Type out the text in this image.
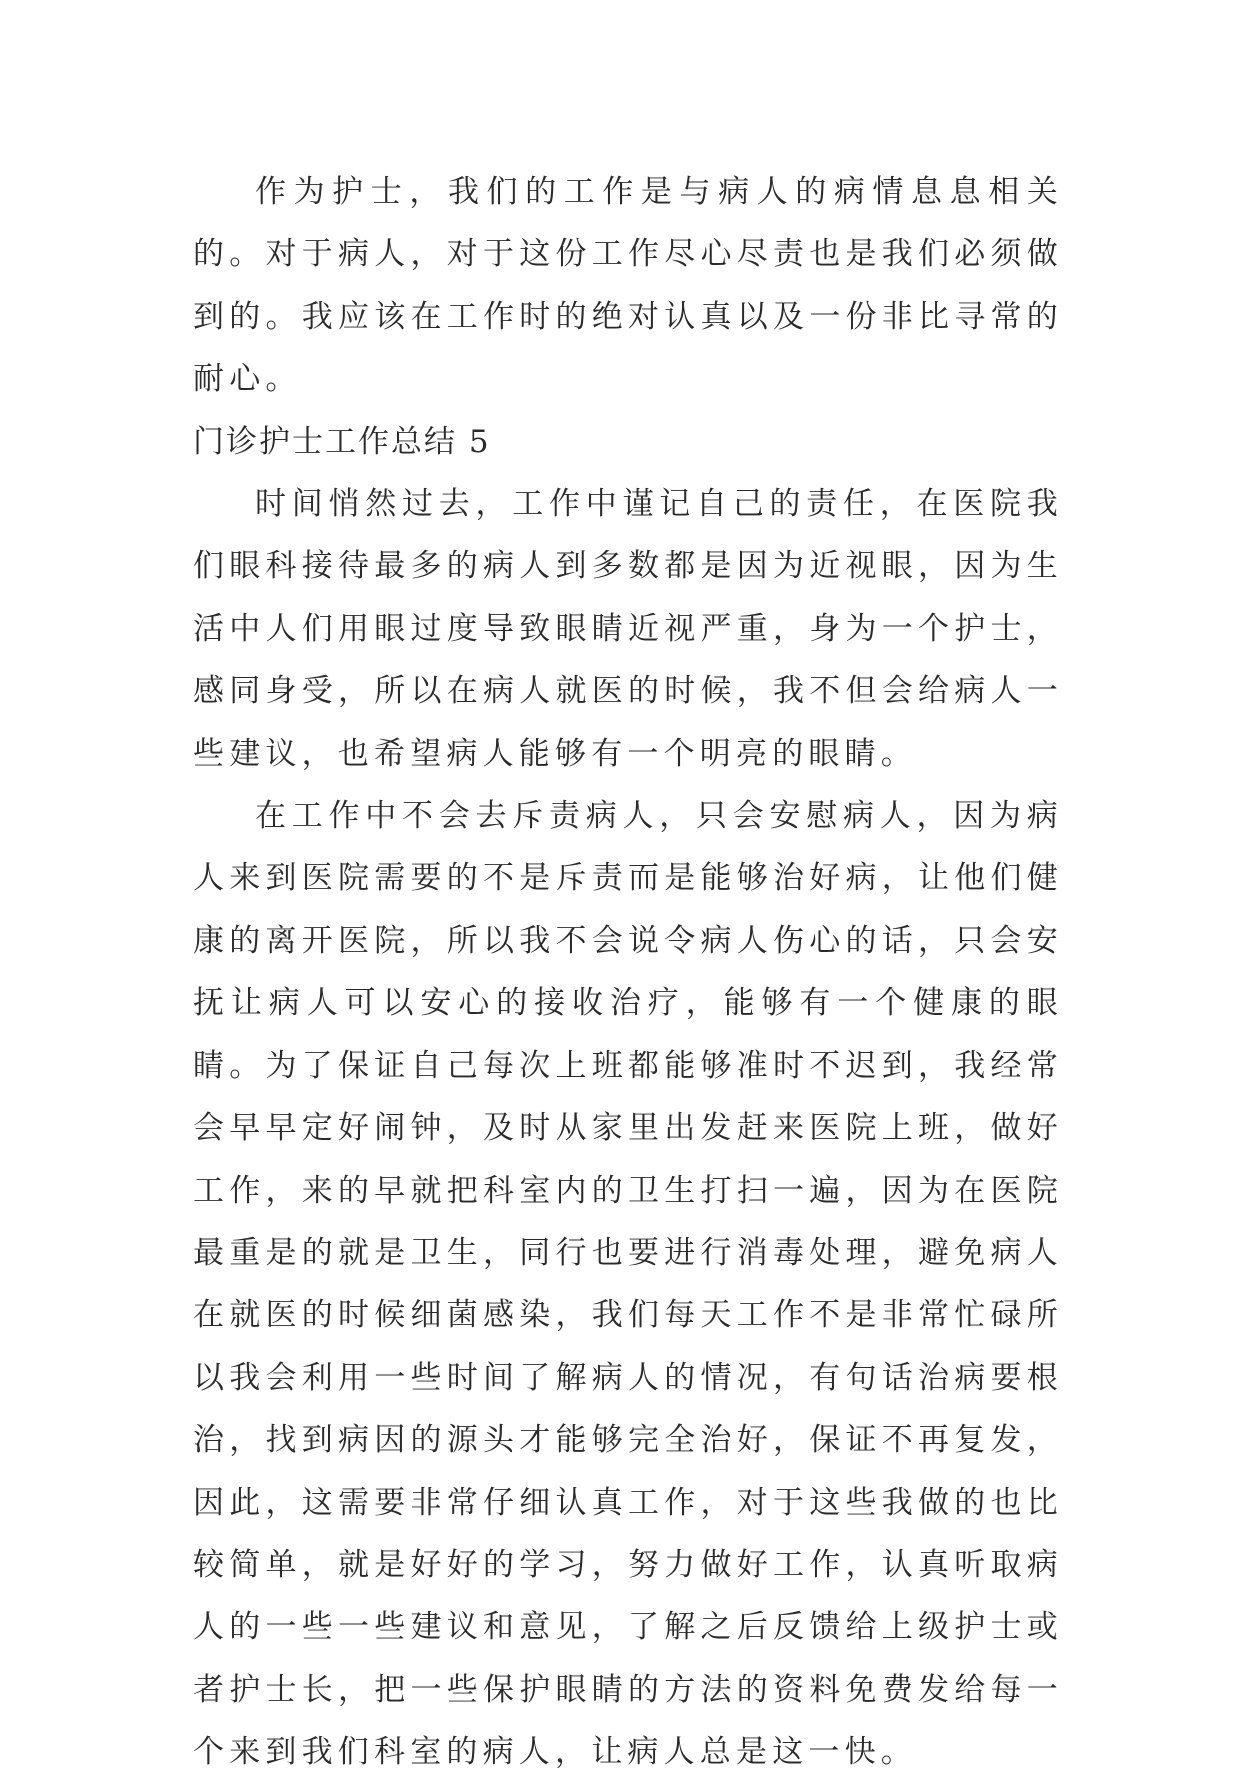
作为护士，我们的工作是与病人的病情息息相关的。对于病人，对于这份工作尽心尽责也是我们必须做到的。我应该在工作时的绝对认真以及一份非比寻常的耐心。

门诊护士工作总结 5

时间悄然过去，工作中谨记自己的责任，在医院我们眼科接待最多的病人到多数都是因为近视眼，因为生活中人们用眼过度导致眼睛近视严重，身为一个护士，感同身受，所以在病人就医的时候，我不但会给病人一些建议，也希望病人能够有一个明亮的眼睛。

在工作中不会去斥责病人，只会安慰病人，因为病人来到医院需要的不是斥责而是能够治好病，让他们健康的离开医院，所以我不会说令病人伤心的话，只会安抚让病人可以安心的接收治疗，能够有一个健康的眼睛。为了保证自己每次上班都能够准时不迟到，我经常会早早定好闹钟，及时从家里出发赶来医院上班，做好工作，来的早就把科室内的卫生打扫一遍，因为在医院最重是的就是卫生，同行也要进行消毒处理，避免病人在就医的时候细菌感染，我们每天工作不是非常忙碌所以我会利用一些时间了解病人的情况，有句话治病要根治，找到病因的源头才能够完全治好，保证不再复发，因此，这需要非常仔细认真工作，对于这些我做的也比较简单，就是好好的学习，努力做好工作，认真听取病人的一些一些建议和意见，了解之后反馈给上级护士或者护士长，把一些保护眼睛的方法的资料免费发给每一个来到我们科室的病人，让病人总是这一快。
